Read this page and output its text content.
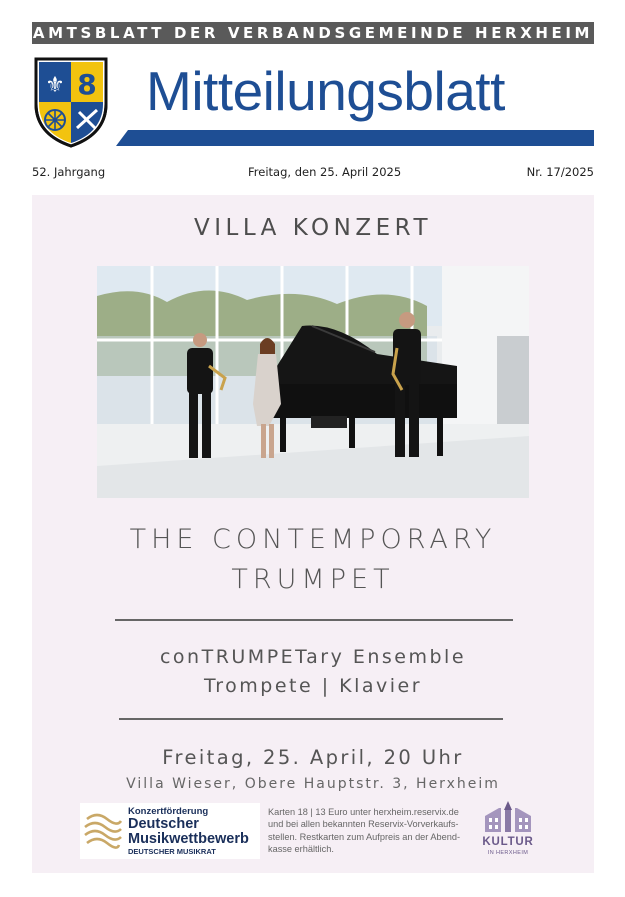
AMTSBLATT DER VERBANDSGEMEINDE HERXHEIM
⚜ 8 Mitteilungsblatt
52. Jahrgang	Freitag, den 25. April 2025	Nr. 17/2025
VILLA KONZERT
THE CONTEMPORARY
TRUMPET
conTRUMPETary Ensemble
Trompete | Klavier
Freitag, 25. April, 20 Uhr
Villa Wieser, Obere Hauptstr. 3, Herxheim
Konzertförderung
Deutscher
Musikwettbewerb
DEUTSCHER MUSIKRAT
Karten 18 | 13 Euro unter herxheim.reservix.de
und bei allen bekannten Reservix-Vorverkaufs-
stellen. Restkarten zum Aufpreis an der Abend-
kasse erhältlich.
KULTUR
IN HERXHEIM
